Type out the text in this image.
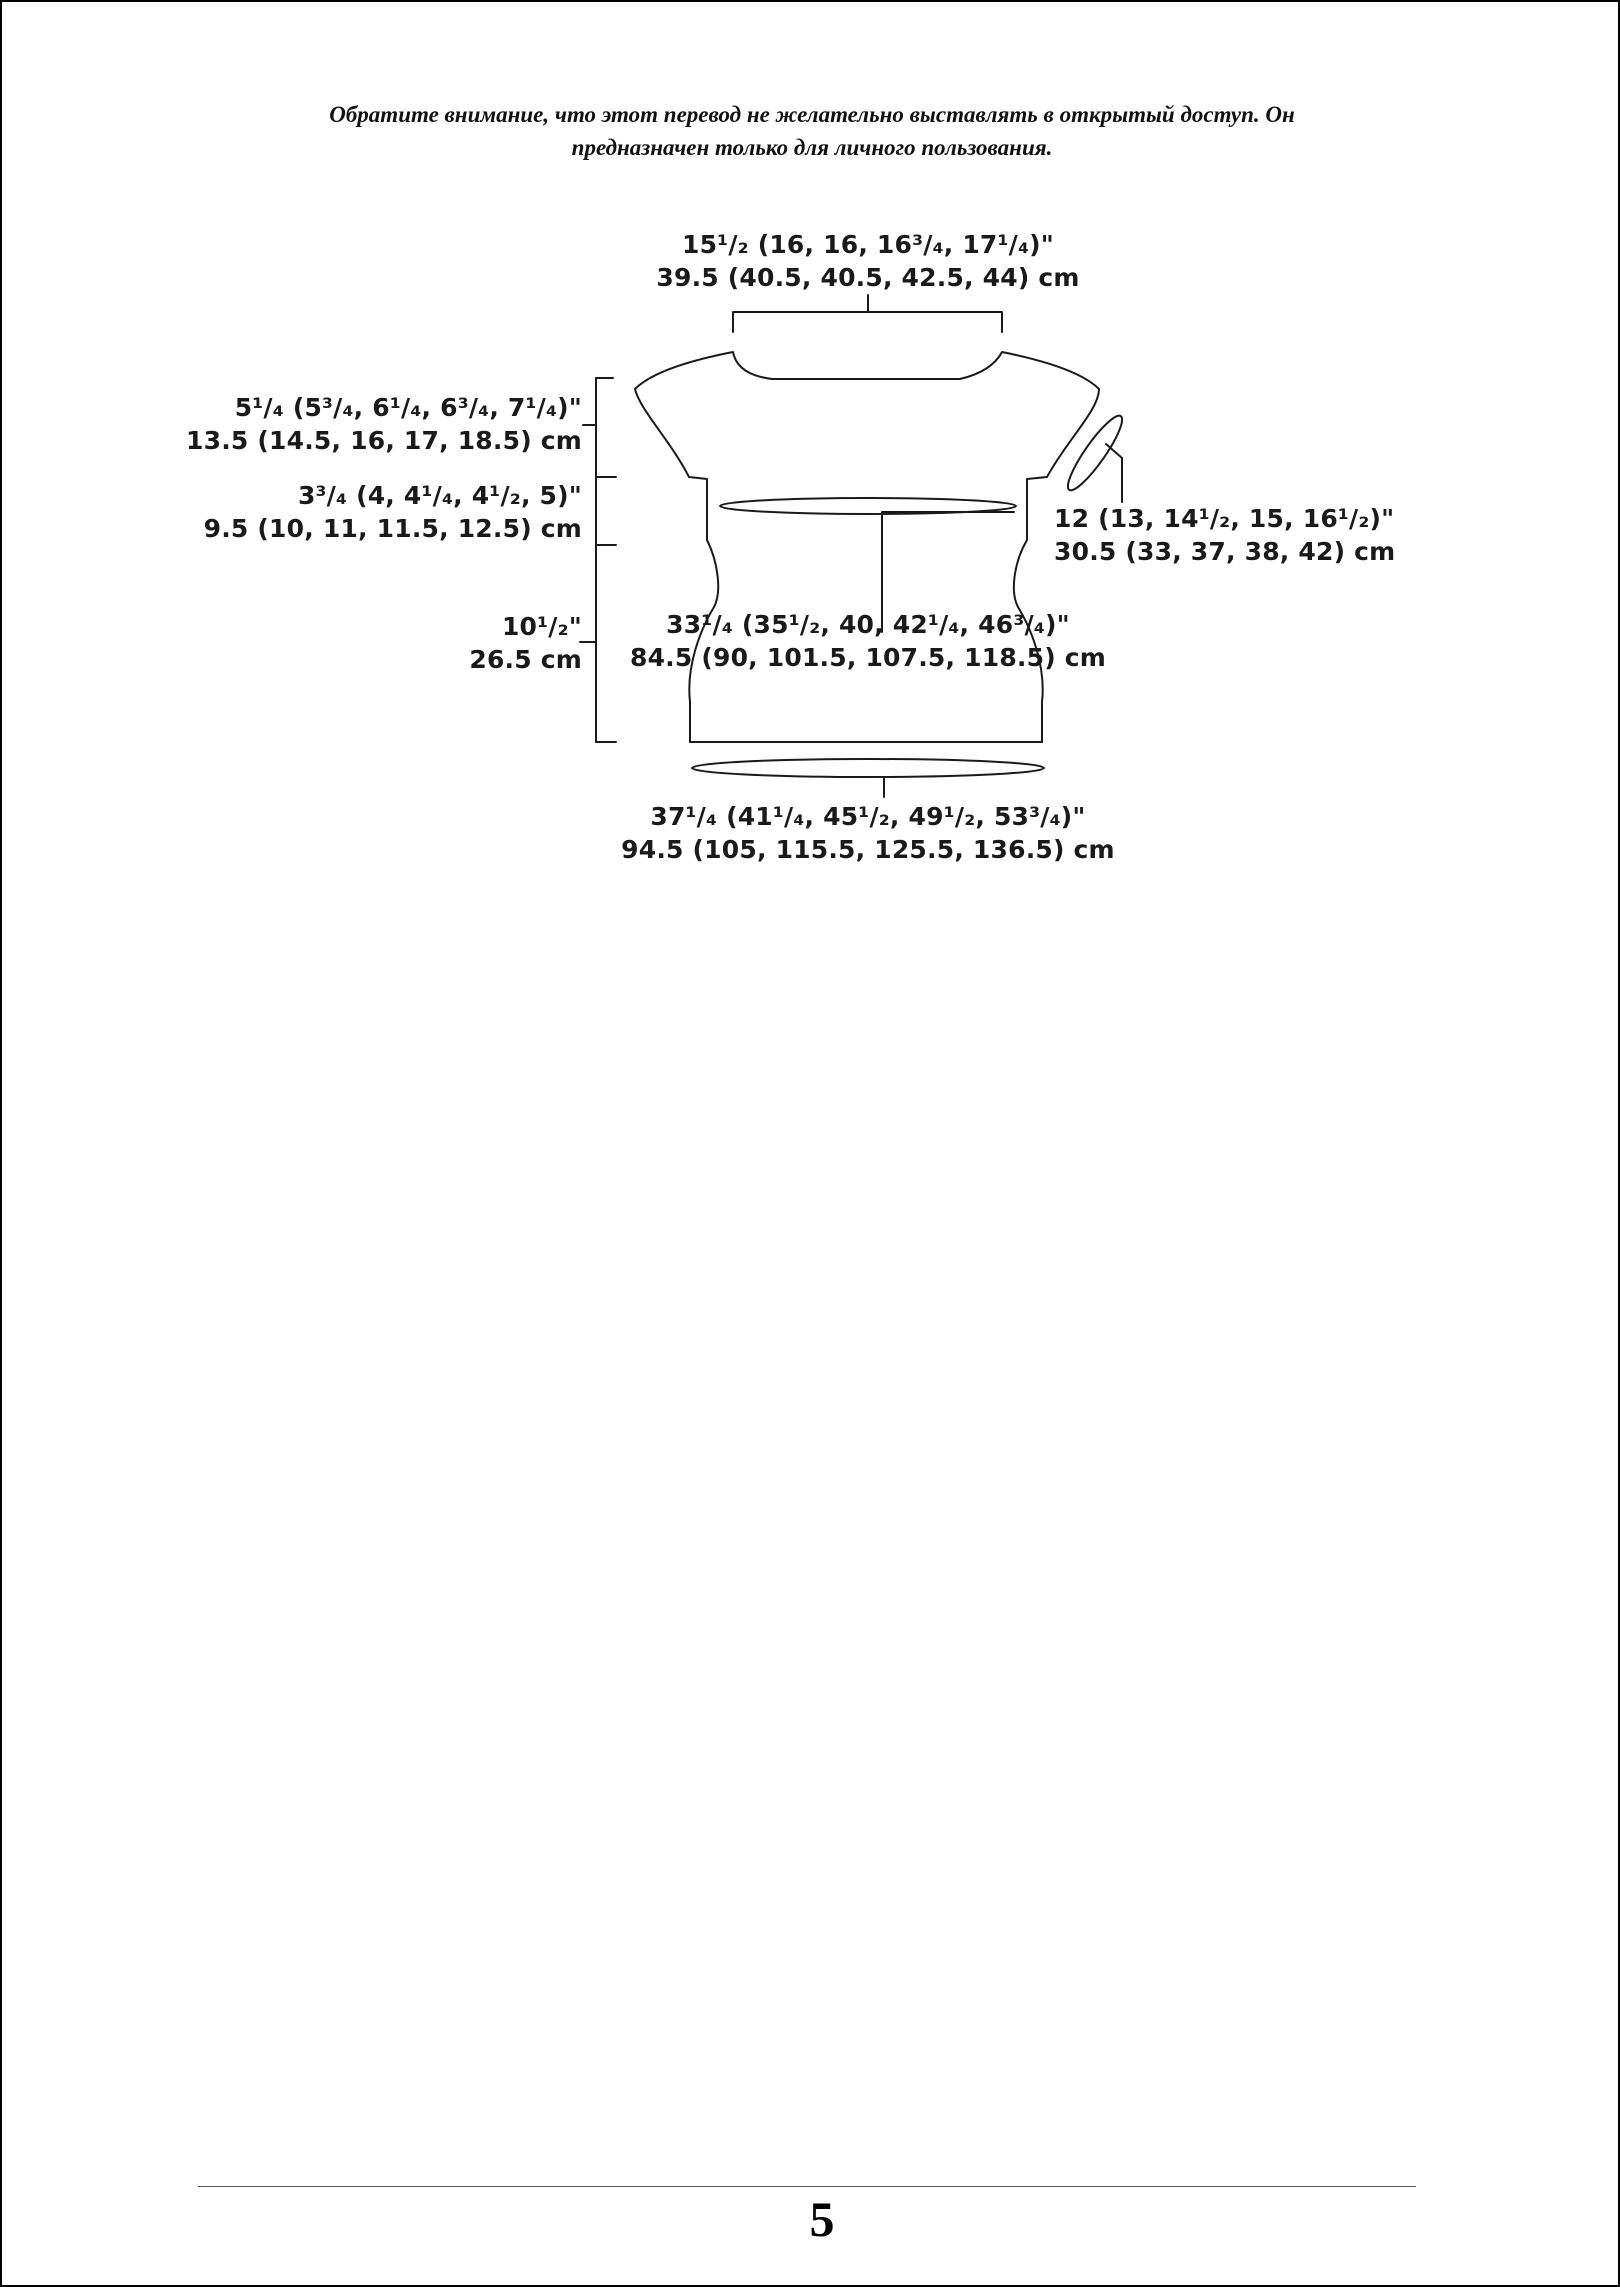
Обратите внимание, что этот перевод не желательно выставлять в открытый доступ. Он
предназначен только для личного пользования.
15¹/₂ (16, 16, 16³/₄, 17¹/₄)"
39.5 (40.5, 40.5, 42.5, 44) cm
5¹/₄ (5³/₄, 6¹/₄, 6³/₄, 7¹/₄)"
13.5 (14.5, 16, 17, 18.5) cm
3³/₄ (4, 4¹/₄, 4¹/₂, 5)"
9.5 (10, 11, 11.5, 12.5) cm
10¹/₂"
26.5 cm
12 (13, 14¹/₂, 15, 16¹/₂)"
30.5 (33, 37, 38, 42) cm
33¹/₄ (35¹/₂, 40, 42¹/₄, 46³/₄)"
84.5 (90, 101.5, 107.5, 118.5) cm
37¹/₄ (41¹/₄, 45¹/₂, 49¹/₂, 53³/₄)"
94.5 (105, 115.5, 125.5, 136.5) cm
5
